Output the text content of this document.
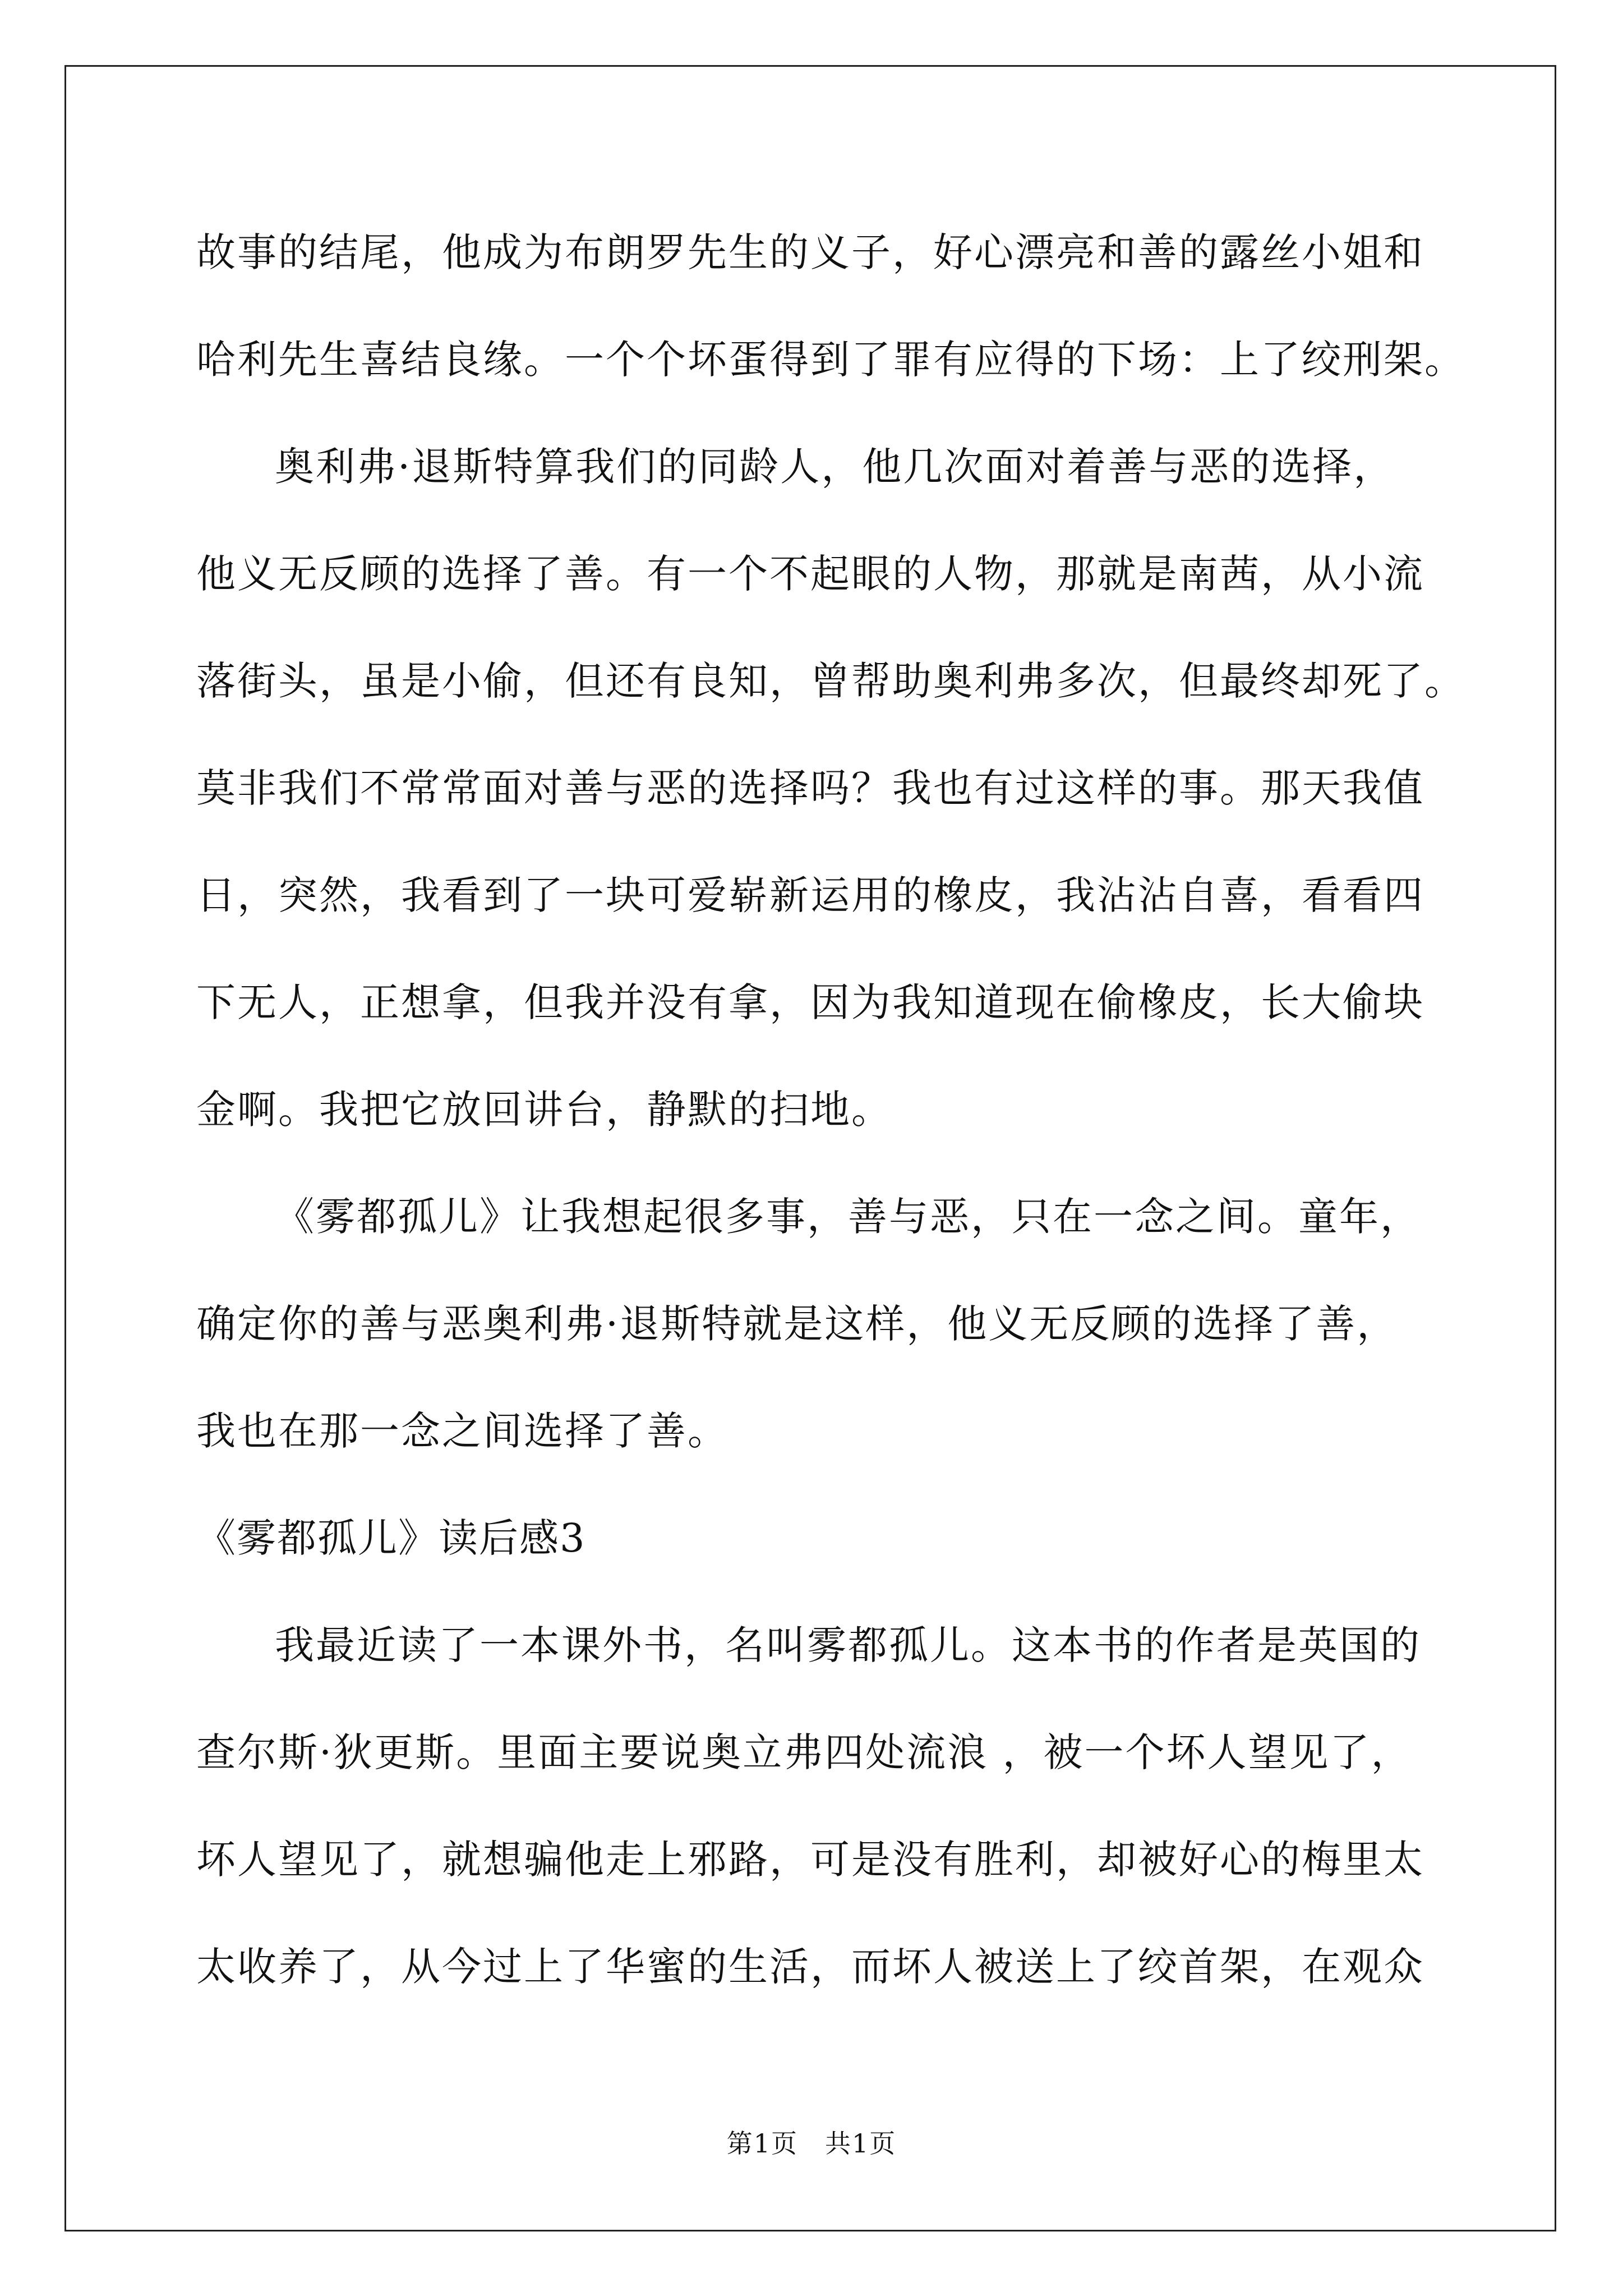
故事的结尾，他成为布朗罗先生的义子，好心漂亮和善的露丝小姐和
哈利先生喜结良缘。一个个坏蛋得到了罪有应得的下场：上了绞刑架。
奥利弗·退斯特算我们的同龄人，他几次面对着善与恶的选择，
他义无反顾的选择了善。有一个不起眼的人物，那就是南茜，从小流
落街头，虽是小偷，但还有良知，曾帮助奥利弗多次，但最终却死了。
莫非我们不常常面对善与恶的选择吗？我也有过这样的事。那天我值
日，突然，我看到了一块可爱崭新运用的橡皮，我沾沾自喜，看看四
下无人，正想拿，但我并没有拿，因为我知道现在偷橡皮，长大偷块
金啊。我把它放回讲台，静默的扫地。
《雾都孤儿》让我想起很多事，善与恶，只在一念之间。童年，
确定你的善与恶奥利弗·退斯特就是这样，他义无反顾的选择了善，
我也在那一念之间选择了善。
《雾都孤儿》读后感3
我最近读了一本课外书，名叫雾都孤儿。这本书的作者是英国的
查尔斯·狄更斯。里面主要说奥立弗四处流浪 ，被一个坏人望见了，
坏人望见了，就想骗他走上邪路，可是没有胜利，却被好心的梅里太
太收养了，从今过上了华蜜的生活，而坏人被送上了绞首架，在观众
第1页　共1页
